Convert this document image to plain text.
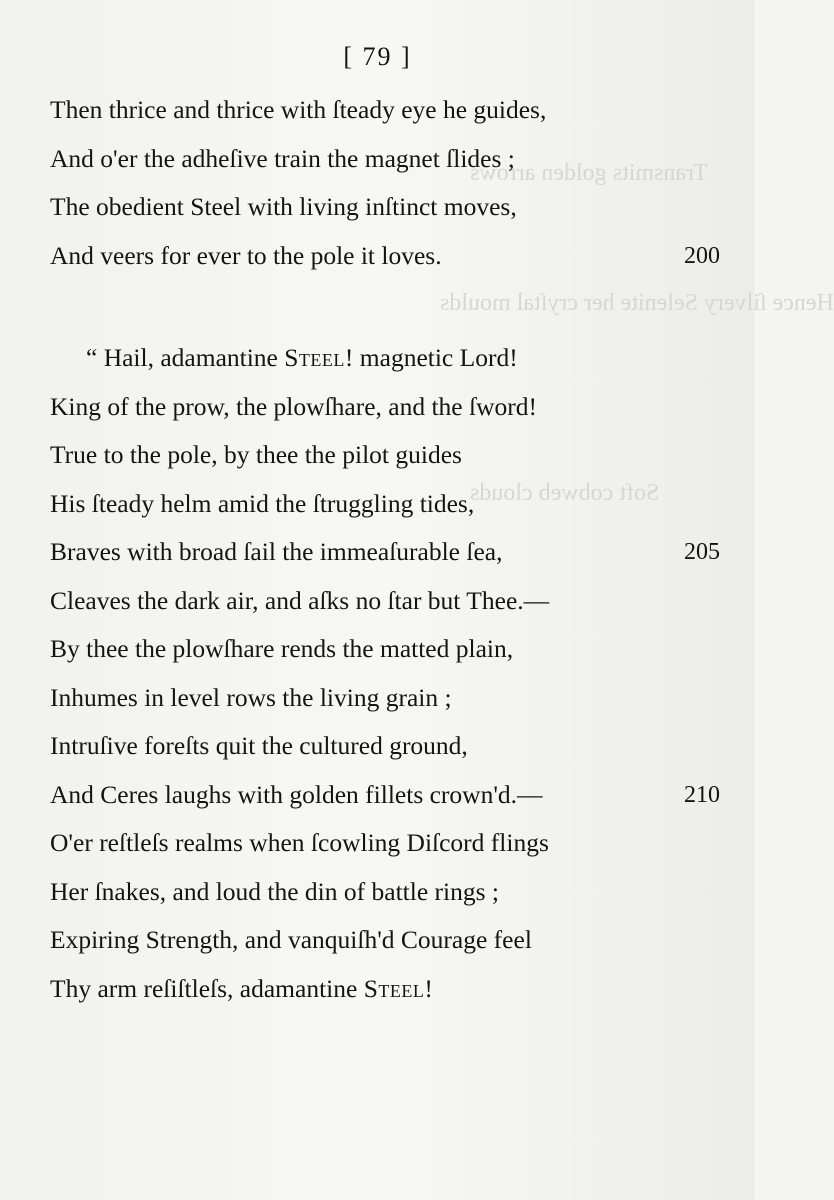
Transmits golden arrows
Hence ſilvery Selenite her cryſtal moulds
Soft cobweb clouds
[ 79 ]
Then thrice and thrice with ſteady eye he guides,
And o'er the adheſive train the magnet ſlides ;
The obedient Steel with living inſtinct moves,
And veers for ever to the pole it loves.	200
“ Hail, adamantine Steel! magnetic Lord!
King of the prow, the plowſhare, and the ſword!
True to the pole, by thee the pilot guides
His ſteady helm amid the ſtruggling tides,
Braves with broad ſail the immeaſurable ſea,	205
Cleaves the dark air, and aſks no ſtar but Thee.—
By thee the plowſhare rends the matted plain,
Inhumes in level rows the living grain ;
Intruſive foreſts quit the cultured ground,
And Ceres laughs with golden fillets crown'd.—	210
O'er reſtleſs realms when ſcowling Diſcord flings
Her ſnakes, and loud the din of battle rings ;
Expiring Strength, and vanquiſh'd Courage feel
Thy arm reſiſtleſs, adamantine Steel!
